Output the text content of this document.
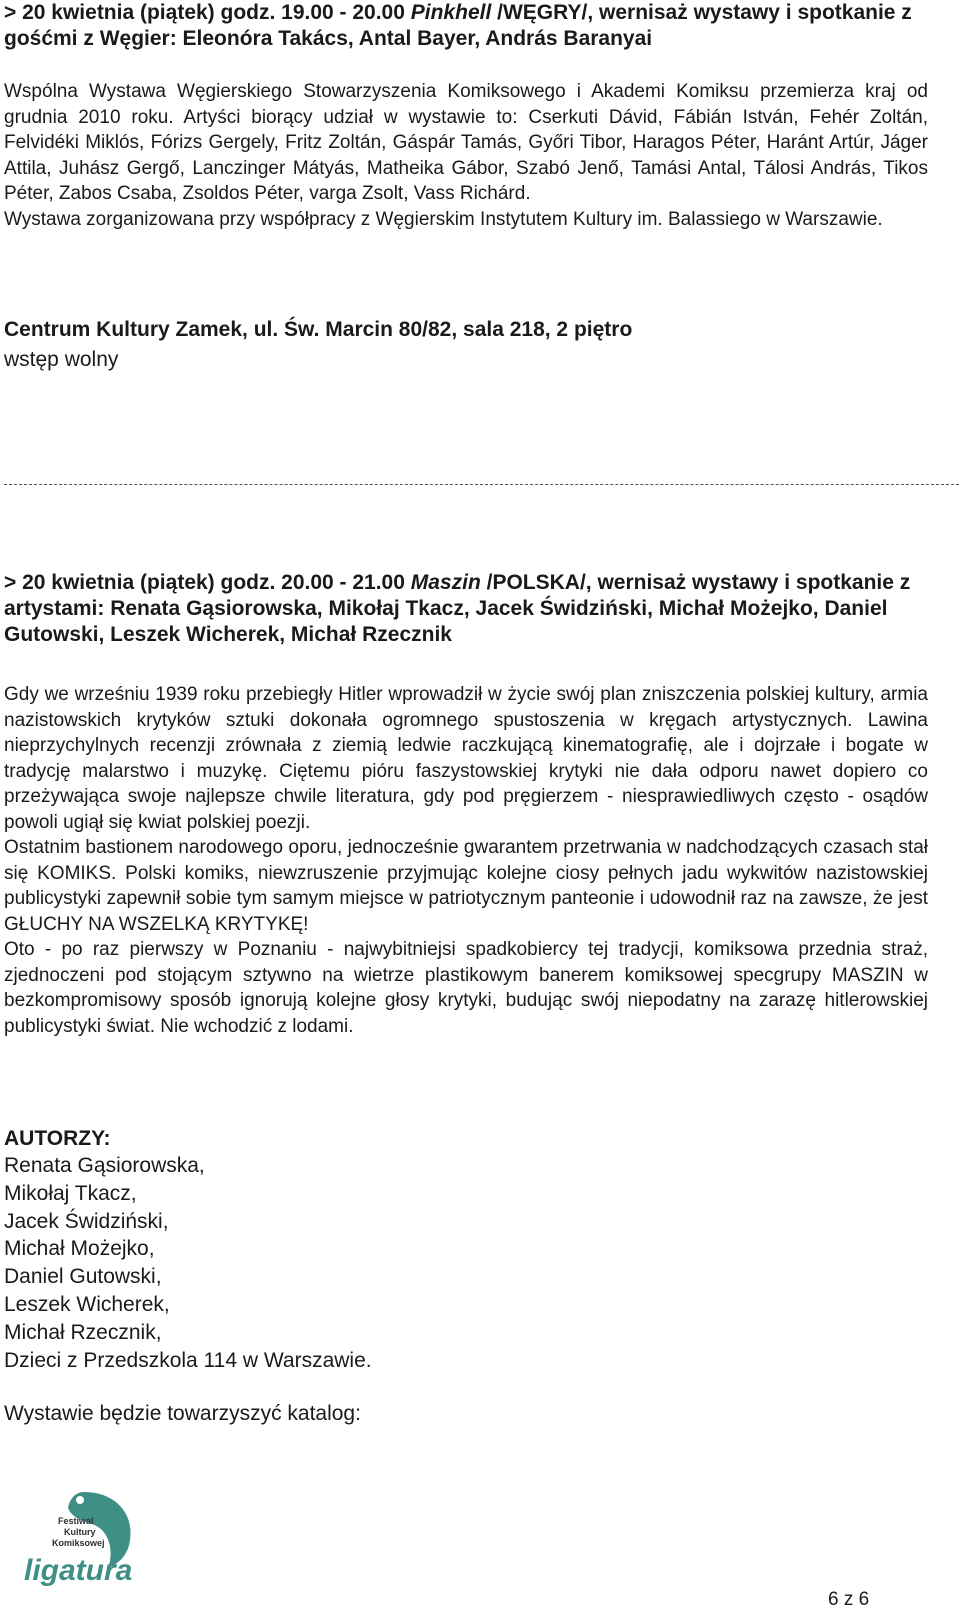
> 20 kwietnia (piątek) godz. 19.00 - 20.00 Pinkhell /WĘGRY/, wernisaż wystawy i spotkanie z gośćmi z Węgier: Eleonóra Takács, Antal Bayer, András Baranyai

Wspólna Wystawa Węgierskiego Stowarzyszenia Komiksowego i Akademi Komiksu przemierza kraj od grudnia 2010 roku. Artyści biorący udział w wystawie to: Cserkuti Dávid, Fábián István, Fehér Zoltán, Felvidéki Miklós, Fórizs Gergely, Fritz Zoltán, Gáspár Tamás, Győri Tibor, Haragos Péter, Haránt Artúr, Jáger Attila, Juhász Gergő, Lanczinger Mátyás, Matheika Gábor, Szabó Jenő, Tamási Antal, Tálosi András, Tikos Péter, Zabos Csaba, Zsoldos Péter, varga Zsolt, Vass Richárd.

Wystawa zorganizowana przy współpracy z Węgierskim Instytutem Kultury im. Balassiego w Warszawie.

Centrum Kultury Zamek, ul. Św. Marcin 80/82, sala 218, 2 piętro
wstęp wolny
> 20 kwietnia (piątek) godz. 20.00 - 21.00 Maszin /POLSKA/, wernisaż wystawy i spotkanie z artystami: Renata Gąsiorowska, Mikołaj Tkacz, Jacek Świdziński, Michał Możejko, Daniel Gutowski, Leszek Wicherek, Michał Rzecznik

Gdy we wrześniu 1939 roku przebiegły Hitler wprowadził w życie swój plan zniszczenia polskiej kultury, armia nazistowskich krytyków sztuki dokonała ogromnego spustoszenia w kręgach artystycznych. Lawina nieprzychylnych recenzji zrównała z ziemią ledwie raczkującą kinematografię, ale i dojrzałe i bogate w tradycję malarstwo i muzykę. Ciętemu pióru faszystowskiej krytyki nie dała odporu nawet dopiero co przeżywająca swoje najlepsze chwile literatura, gdy pod pręgierzem - niesprawiedliwych często - osądów powoli ugiął się kwiat polskiej poezji.

Ostatnim bastionem narodowego oporu, jednocześnie gwarantem przetrwania w nadchodzących czasach stał się KOMIKS. Polski komiks, niewzruszenie przyjmując kolejne ciosy pełnych jadu wykwitów nazistowskiej publicystyki zapewnił sobie tym samym miejsce w patriotycznym panteonie i udowodnił raz na zawsze, że jest GŁUCHY NA WSZELKĄ KRYTYKĘ!

Oto - po raz pierwszy w Poznaniu - najwybitniejsi spadkobiercy tej tradycji, komiksowa przednia straż, zjednoczeni pod stojącym sztywno na wietrze plastikowym banerem komiksowej specgrupy MASZIN w bezkompromisowy sposób ignorują kolejne głosy krytyki, budując swój niepodatny na zarazę hitlerowskiej publicystyki świat. Nie wchodzić z lodami.

AUTORZY:
Renata Gąsiorowska,
Mikołaj Tkacz,
Jacek Świdziński,
Michał Możejko,
Daniel Gutowski,
Leszek Wicherek,
Michał Rzecznik,
Dzieci z Przedszkola 114 w Warszawie.
Wystawie będzie towarzyszyć katalog:
Festiwal
Kultury
Komiksowej
ligatura
6 z 6
